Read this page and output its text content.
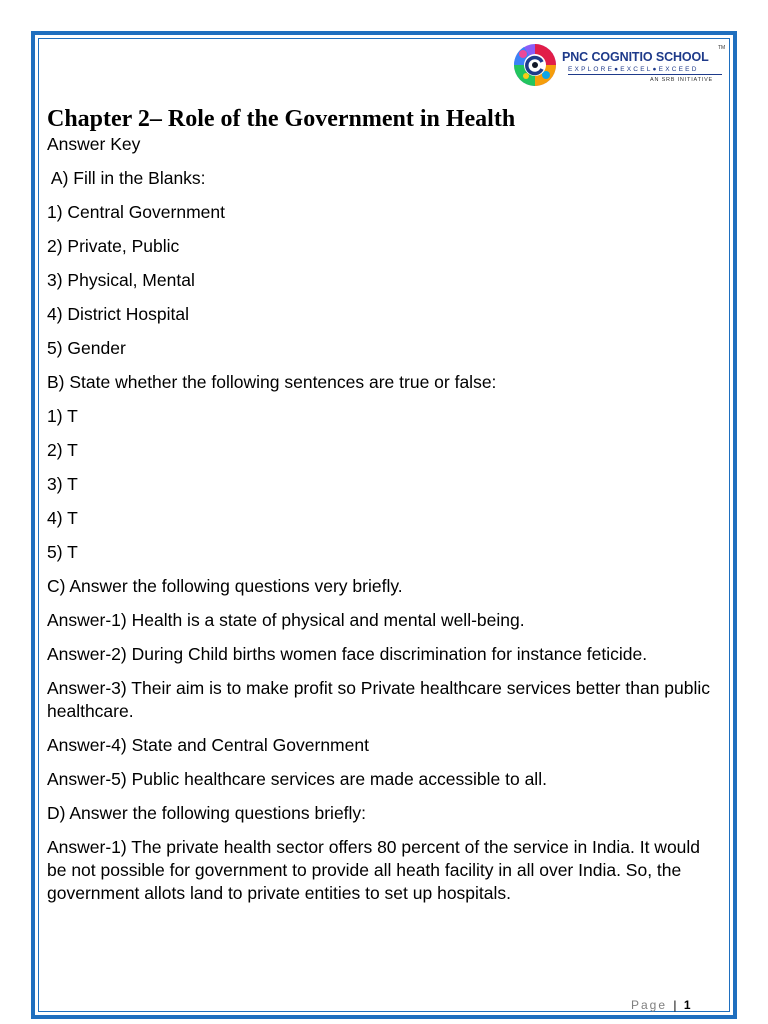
PNC COGNITIO SCHOOL
TM
EXPLORE●EXCEL●EXCEED
AN SRB INITIATIVE
Chapter 2– Role of the Government in Health

Answer Key

A) Fill in the Blanks:

1) Central Government

2) Private, Public

3) Physical, Mental

4) District Hospital

5) Gender

B) State whether the following sentences are true or false:

1) T

2) T

3) T

4) T

5) T

C) Answer the following questions very briefly.

Answer-1) Health is a state of physical and mental well-being.

Answer-2) During Child births women face discrimination for instance feticide.

Answer-3) Their aim is to make profit so Private healthcare services better than public healthcare.

Answer-4) State and Central Government

Answer-5) Public healthcare services are made accessible to all.

D) Answer the following questions briefly:

Answer-1) The private health sector offers 80 percent of the service in India. It would be not possible for government to provide all heath facility in all over India. So, the government allots land to private entities to set up hospitals.

Page | 1
